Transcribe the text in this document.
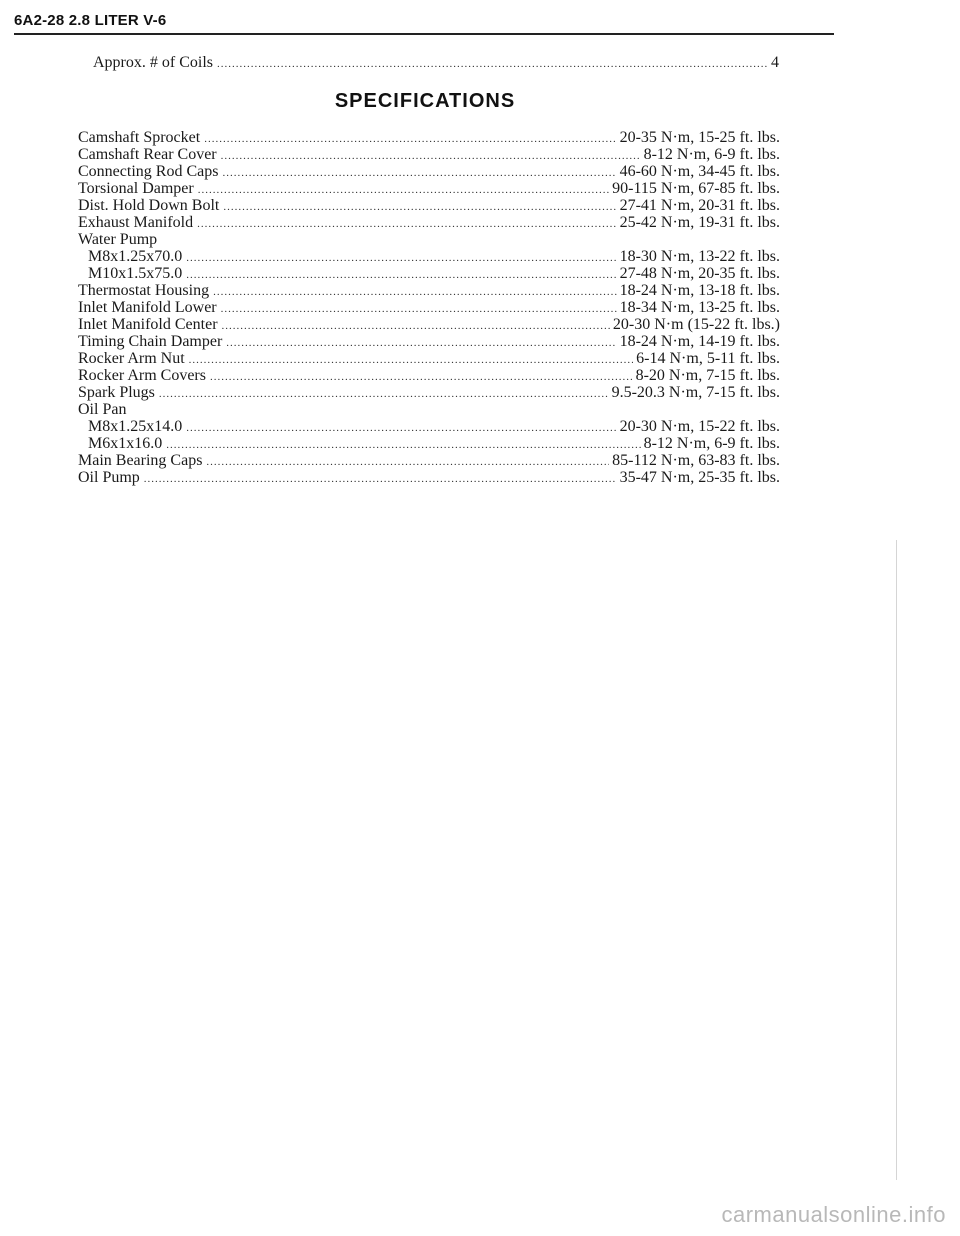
6A2-28 2.8 LITER V-6
Approx. # of Coils .....	4
SPECIFICATIONS
Camshaft Sprocket .....	20-35 N·m, 15-25 ft. lbs.
Camshaft Rear Cover .....	8-12 N·m, 6-9 ft. lbs.
Connecting Rod Caps .....	46-60 N·m, 34-45 ft. lbs.
Torsional Damper .....	90-115 N·m, 67-85 ft. lbs.
Dist. Hold Down Bolt .....	27-41 N·m, 20-31 ft. lbs.
Exhaust Manifold .....	25-42 N·m, 19-31 ft. lbs.
Water Pump
M8x1.25x70.0 .....	18-30 N·m, 13-22 ft. lbs.
M10x1.5x75.0 .....	27-48 N·m, 20-35 ft. lbs.
Thermostat Housing .....	18-24 N·m, 13-18 ft. lbs.
Inlet Manifold Lower .....	18-34 N·m, 13-25 ft. lbs.
Inlet Manifold Center .....	20-30 N·m (15-22 ft. lbs.)
Timing Chain Damper .....	18-24 N·m, 14-19 ft. lbs.
Rocker Arm Nut .....	6-14 N·m, 5-11 ft. lbs.
Rocker Arm Covers .....	8-20 N·m, 7-15 ft. lbs.
Spark Plugs .....	9.5-20.3 N·m, 7-15 ft. lbs.
Oil Pan
M8x1.25x14.0 .....	20-30 N·m, 15-22 ft. lbs.
M6x1x16.0 .....	8-12 N·m, 6-9 ft. lbs.
Main Bearing Caps .....	85-112 N·m, 63-83 ft. lbs.
Oil Pump .....	35-47 N·m, 25-35 ft. lbs.
carmanualsonline.info
